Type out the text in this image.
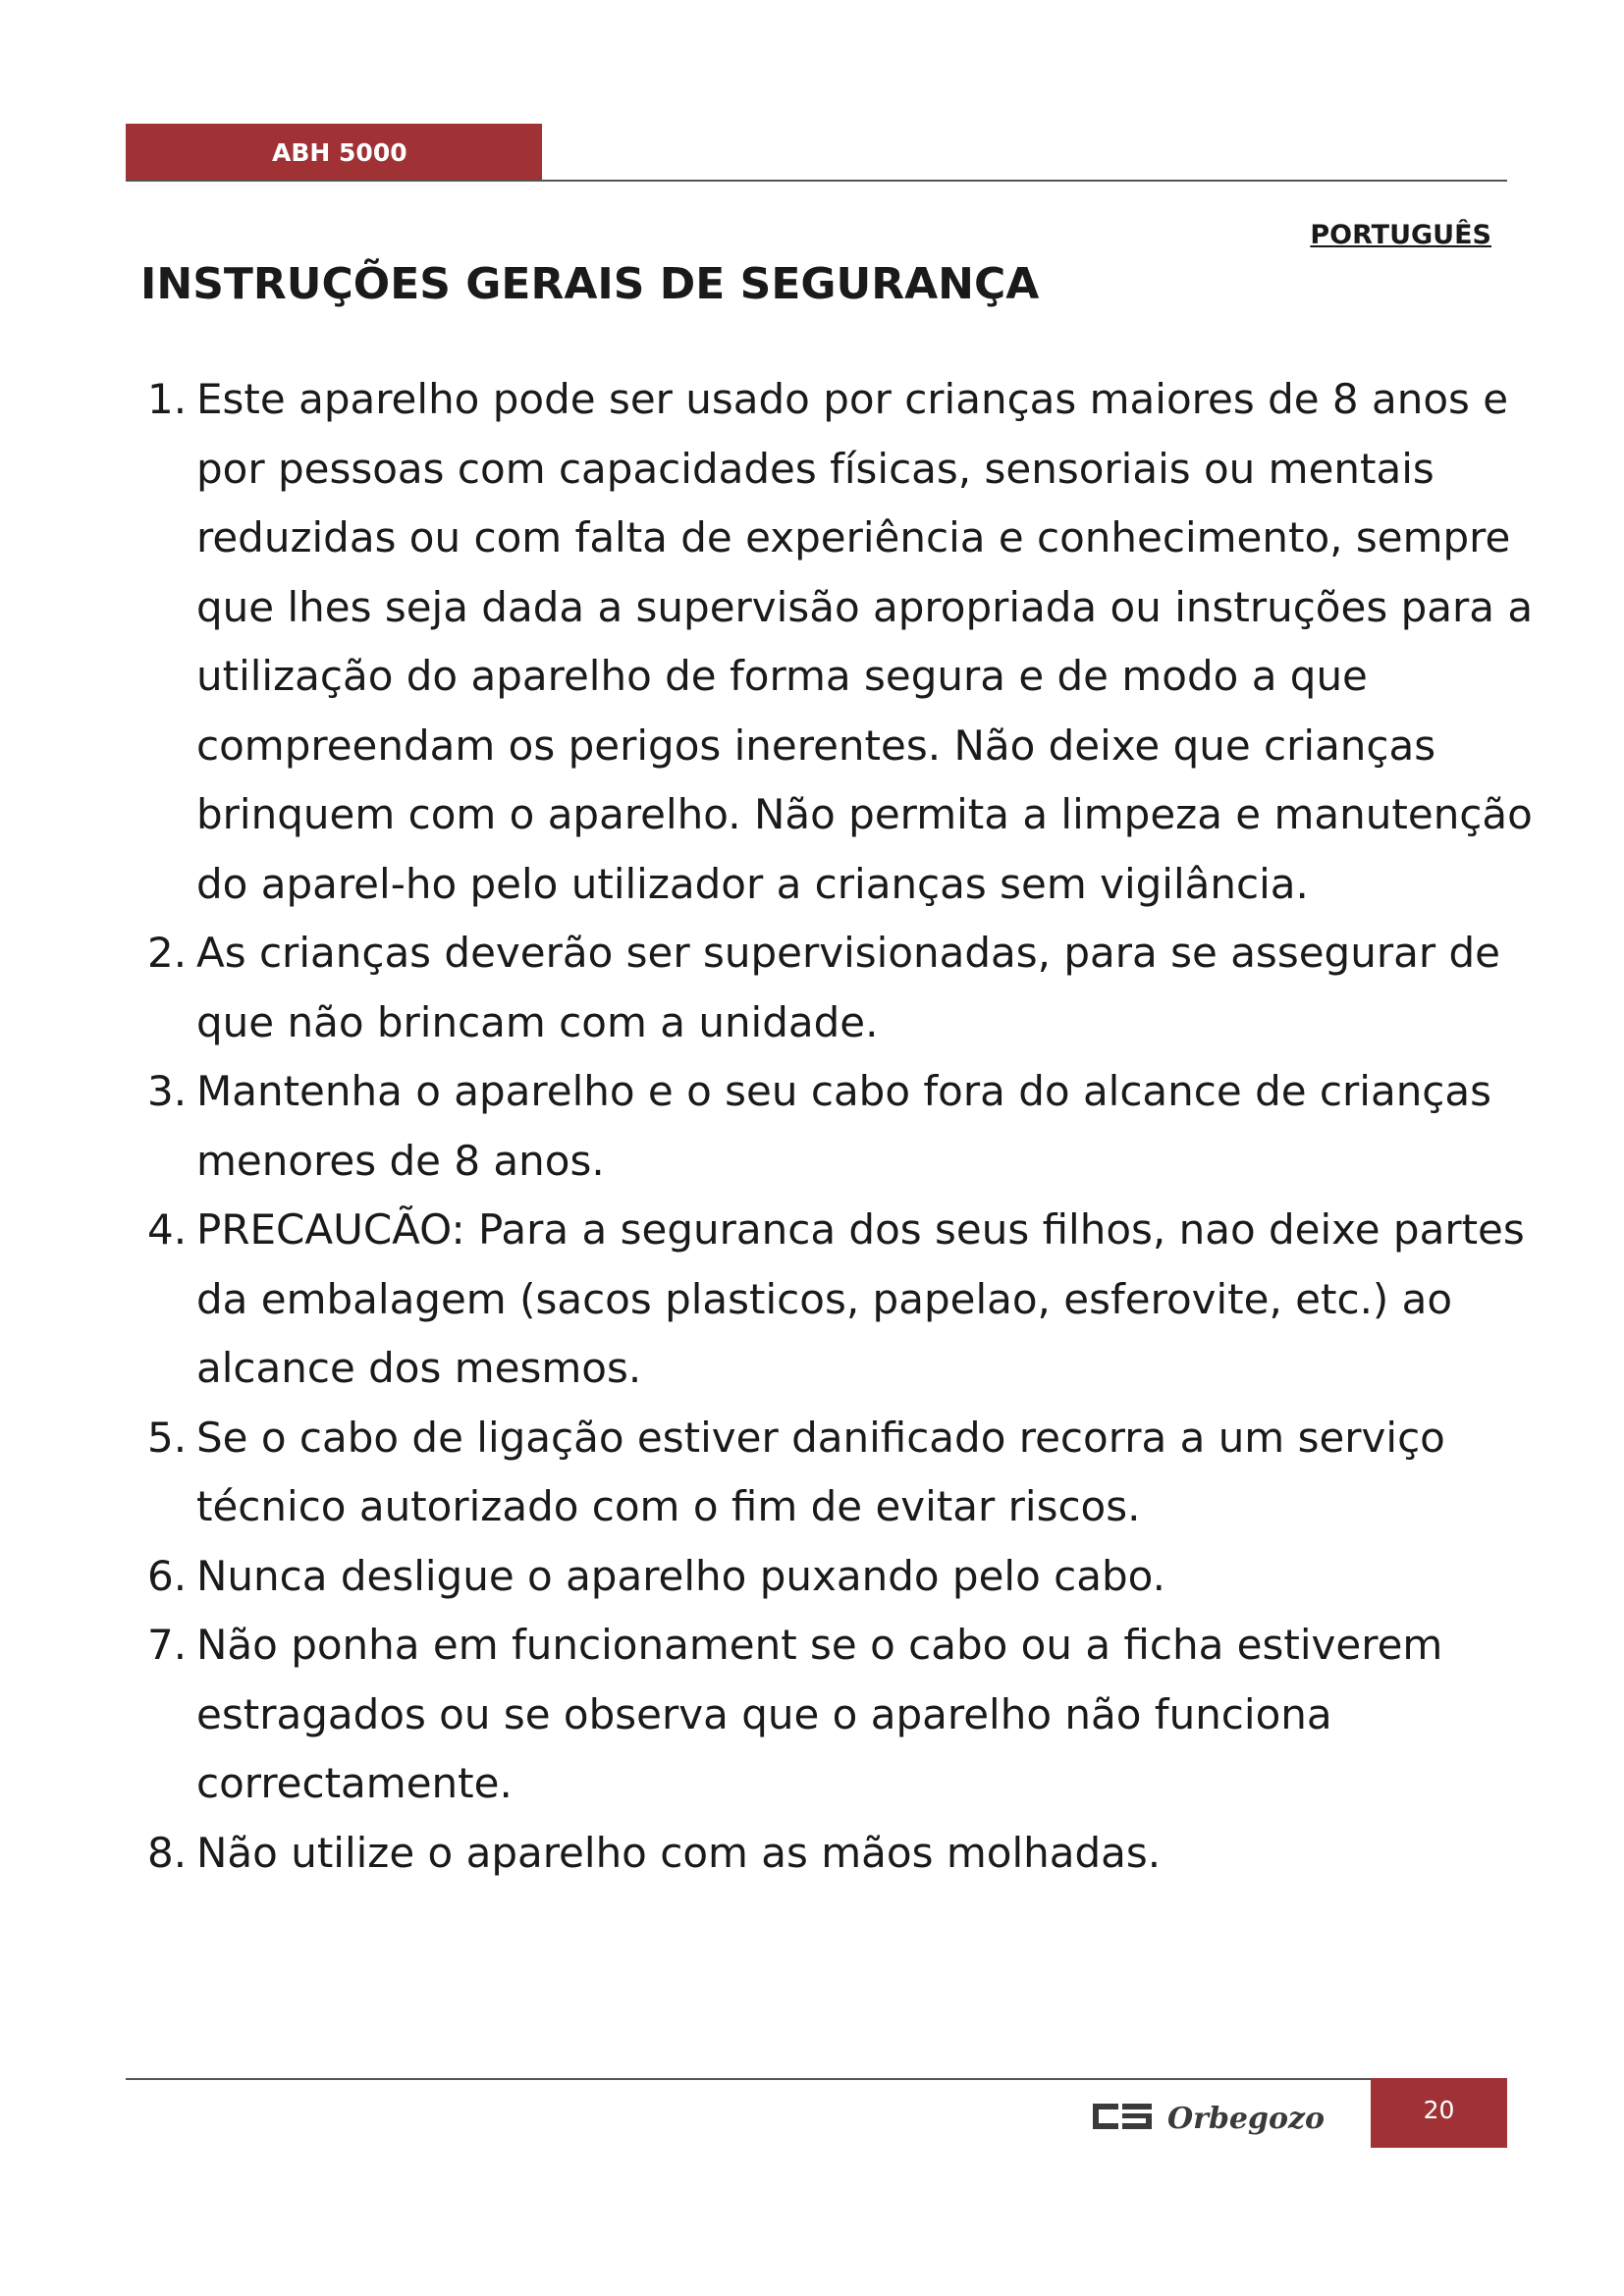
ABH 5000
PORTUGUÊS
INSTRUÇÕES GERAIS DE SEGURANÇA
1. Este aparelho pode ser usado por crianças maiores de 8 anos e por pessoas com capacidades físicas, sensoriais ou mentais reduzidas ou com falta de experiência e conhecimento, sempre que lhes seja dada a supervisão apropriada ou instruções para a utilização do aparelho de forma segura e de modo a que compreendam os perigos inerentes. Não deixe que crianças brinquem com o aparelho. Não permita a limpeza e manutenção do aparel-ho pelo utilizador a crianças sem vigilância.
2. As crianças deverão ser supervisionadas, para se assegurar de que não brincam com a unidade.
3. Mantenha o aparelho e o seu cabo fora do alcance de crianças menores de 8 anos.
4. PRECAUCÃO: Para a seguranca dos seus filhos, nao deixe partes da embalagem (sacos plasticos, papelao, esferovite, etc.) ao alcance dos mesmos.
5. Se o cabo de ligação estiver danificado recorra a um serviço técnico autorizado com o fim de evitar riscos.
6. Nunca desligue o aparelho puxando pelo cabo.
7. Não ponha em funcionament se o cabo ou a ficha estiverem estragados ou se observa que o aparelho não funciona correctamente.
8. Não utilize o aparelho com as mãos molhadas.
Orbegozo	20
